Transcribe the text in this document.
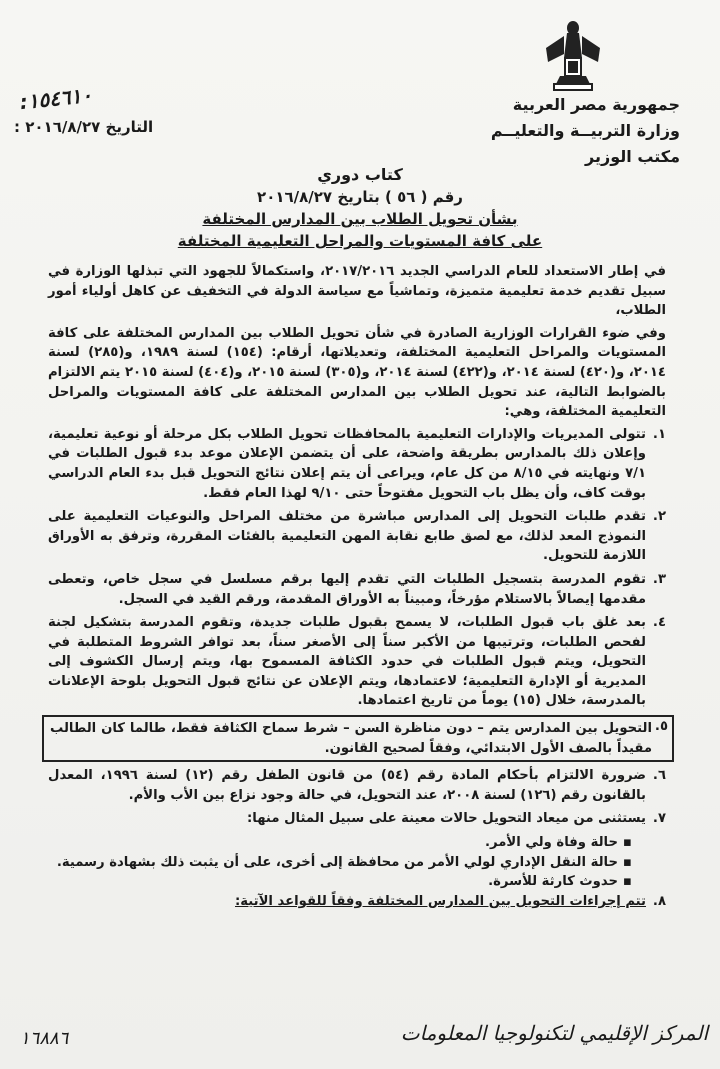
جمهورية مصر العربية
وزارة التربيــة والتعليــم
مكتب الوزير
١٥٤٦١٠:
التاريخ ٢٠١٦/٨/٢٧ :
كتاب دوري
رقم ( ٥٦ ) بتاريخ ٢٠١٦/٨/٢٧
بشأن تحويل الطلاب بين المدارس المختلفة
على كافة المستويات والمراحل التعليمية المختلفة

في إطار الاستعداد للعام الدراسي الجديد ٢٠١٧/٢٠١٦، واستكمالاً للجهود التي تبذلها الوزارة في سبيل تقديم خدمة تعليمية متميزة، وتماشياً مع سياسة الدولة في التخفيف عن كاهل أولياء أمور الطلاب،

وفي ضوء القرارات الوزارية الصادرة في شأن تحويل الطلاب بين المدارس المختلفة على كافة المستويات والمراحل التعليمية المختلفة، وتعديلاتها، أرقام: (١٥٤) لسنة ١٩٨٩، و(٢٨٥) لسنة ٢٠١٤، و(٤٢٠) لسنة ٢٠١٤، و(٤٢٢) لسنة ٢٠١٤، و(٣٠٥) لسنة ٢٠١٥، و(٤٠٤) لسنة ٢٠١٥ يتم الالتزام بالضوابط التالية، عند تحويل الطلاب بين المدارس المختلفة على كافة المستويات والمراحل التعليمية المختلفة، وهي:

١.
تتولى المديريات والإدارات التعليمية بالمحافظات تحويل الطلاب بكل مرحلة أو نوعية تعليمية، وإعلان ذلك بالمدارس بطريقة واضحة، على أن يتضمن الإعلان موعد بدء قبول الطلبات في ٧/١ ونهايته في ٨/١٥ من كل عام، ويراعى أن يتم إعلان نتائج التحويل قبل بدء العام الدراسي بوقت كاف، وأن يظل باب التحويل مفتوحاً حتى ٩/١٠ لهذا العام فقط.
٢.
تقدم طلبات التحويل إلى المدارس مباشرة من مختلف المراحل والنوعيات التعليمية على النموذج المعد لذلك، مع لصق طابع نقابة المهن التعليمية بالفئات المقررة، وترفق به الأوراق اللازمة للتحويل.
٣.
تقوم المدرسة بتسجيل الطلبات التي تقدم إليها برقم مسلسل في سجل خاص، وتعطى مقدمها إيصالاً بالاستلام مؤرخاً، ومبيناً به الأوراق المقدمة، ورقم القيد في السجل.
٤.
بعد غلق باب قبول الطلبات، لا يسمح بقبول طلبات جديدة، وتقوم المدرسة بتشكيل لجنة لفحص الطلبات، وترتيبها من الأكبر سناً إلى الأصغر سناً، بعد توافر الشروط المتطلبة في التحويل، ويتم قبول الطلبات في حدود الكثافة المسموح بها، ويتم إرسال الكشوف إلى المديرية أو الإدارة التعليمية؛ لاعتمادها، ويتم الإعلان عن نتائج قبول التحويل بلوحة الإعلانات بالمدرسة، خلال (١٥) يوماً من تاريخ اعتمادها.
٥.
التحويل بين المدارس يتم – دون مناظرة السن – شرط سماح الكثافة فقط، طالما كان الطالب مقيداً بالصف الأول الابتدائي، وفقاً لصحيح القانون.
٦.
ضرورة الالتزام بأحكام المادة رقم (٥٤) من قانون الطفل رقم (١٢) لسنة ١٩٩٦، المعدل بالقانون رقم (١٢٦) لسنة ٢٠٠٨، عند التحويل، في حالة وجود نزاع بين الأب والأم.
٧.
يستثنى من ميعاد التحويل حالات معينة على سبيل المثال منها:
▪ حالة وفاة ولي الأمر.
▪ حالة النقل الإداري لولي الأمر من محافظة إلى أخرى، على أن يثبت ذلك بشهادة رسمية.
▪ حدوث كارثة للأسرة.
٨.
تتم إجراءات التحويل بين المدارس المختلفة وفقاً للقواعد الآتية:
١٦٨٨٦	المركز الإقليمي لتكنولوجيا المعلومات
